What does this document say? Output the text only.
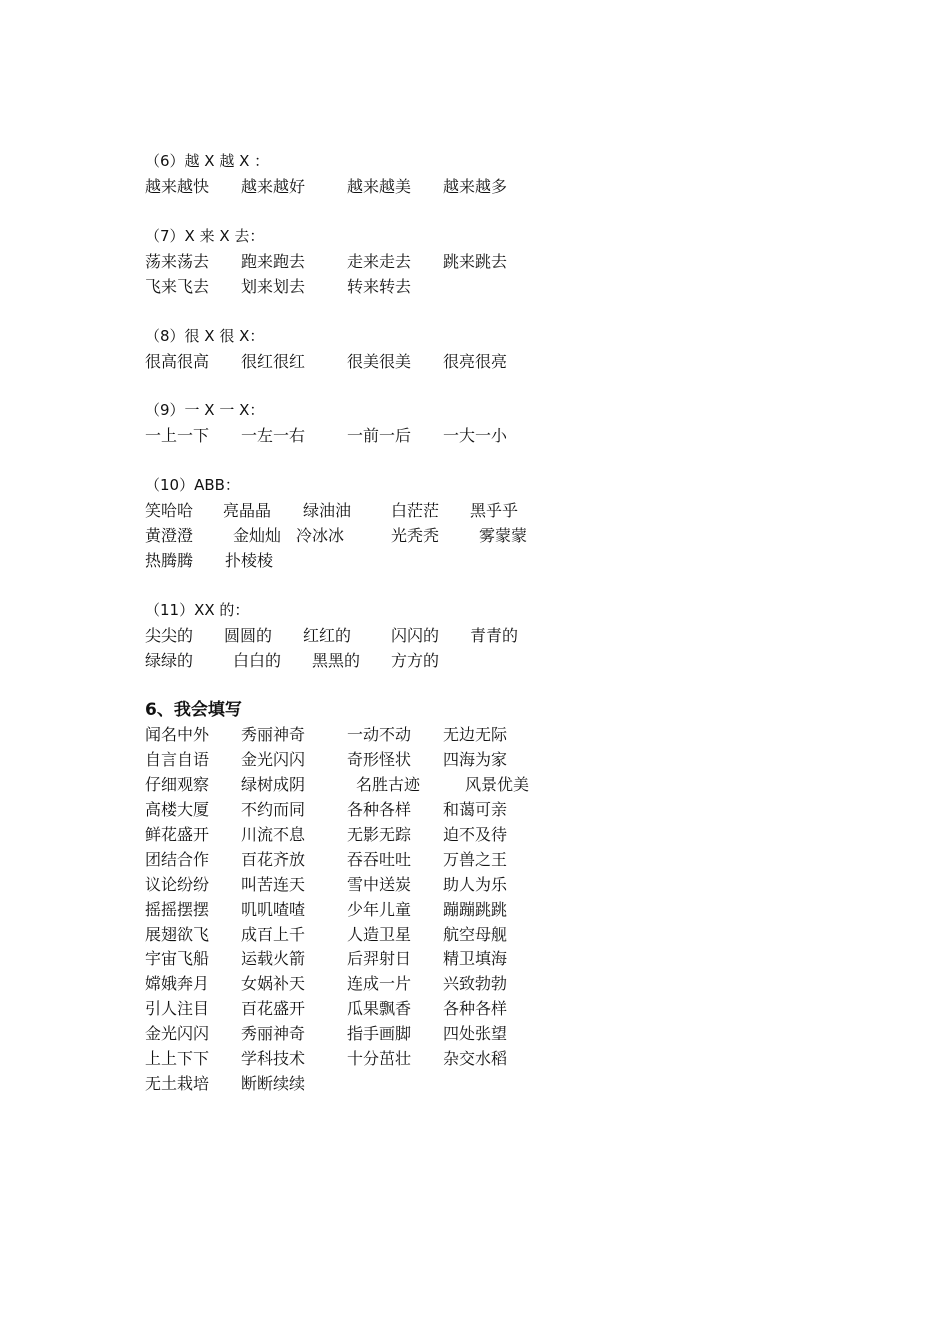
（6）越 X 越 X ：
越来越快 越来越好	越来越美 越来越多
（7）X 来 X 去：
荡来荡去 跑来跑去	走来走去 跳来跳去
飞来飞去 划来划去	转来转去
（8）很 X 很 X：
很高很高 很红很红	很美很美 很亮很亮
（9）一 X 一 X：
一上一下 一左一右	一前一后 一大一小
（10）ABB：
笑哈哈 亮晶晶 绿油油 白茫茫 黑乎乎
黄澄澄 金灿灿 冷冰冰	光秃秃 雾蒙蒙
热腾腾 扑棱棱
（11）XX 的：
尖尖的 圆圆的 红红的 闪闪的 青青的
绿绿的 白白的 黑黑的 方方的
6、我会填写
闻名中外 秀丽神奇	一动不动 无边无际
自言自语 金光闪闪	奇形怪状 四海为家
仔细观察 绿树成阴	名胜古迹	风景优美
高楼大厦 不约而同	各种各样 和蔼可亲
鲜花盛开 川流不息	无影无踪 迫不及待
团结合作 百花齐放	吞吞吐吐 万兽之王
议论纷纷 叫苦连天	雪中送炭 助人为乐
摇摇摆摆 叽叽喳喳	少年儿童 蹦蹦跳跳
展翅欲飞 成百上千	人造卫星 航空母舰
宇宙飞船 运载火箭	后羿射日 精卫填海
嫦娥奔月 女娲补天	连成一片 兴致勃勃
引人注目 百花盛开	瓜果飘香 各种各样
金光闪闪 秀丽神奇	指手画脚 四处张望
上上下下 学科技术	十分茁壮 杂交水稻
无土栽培 断断续续
